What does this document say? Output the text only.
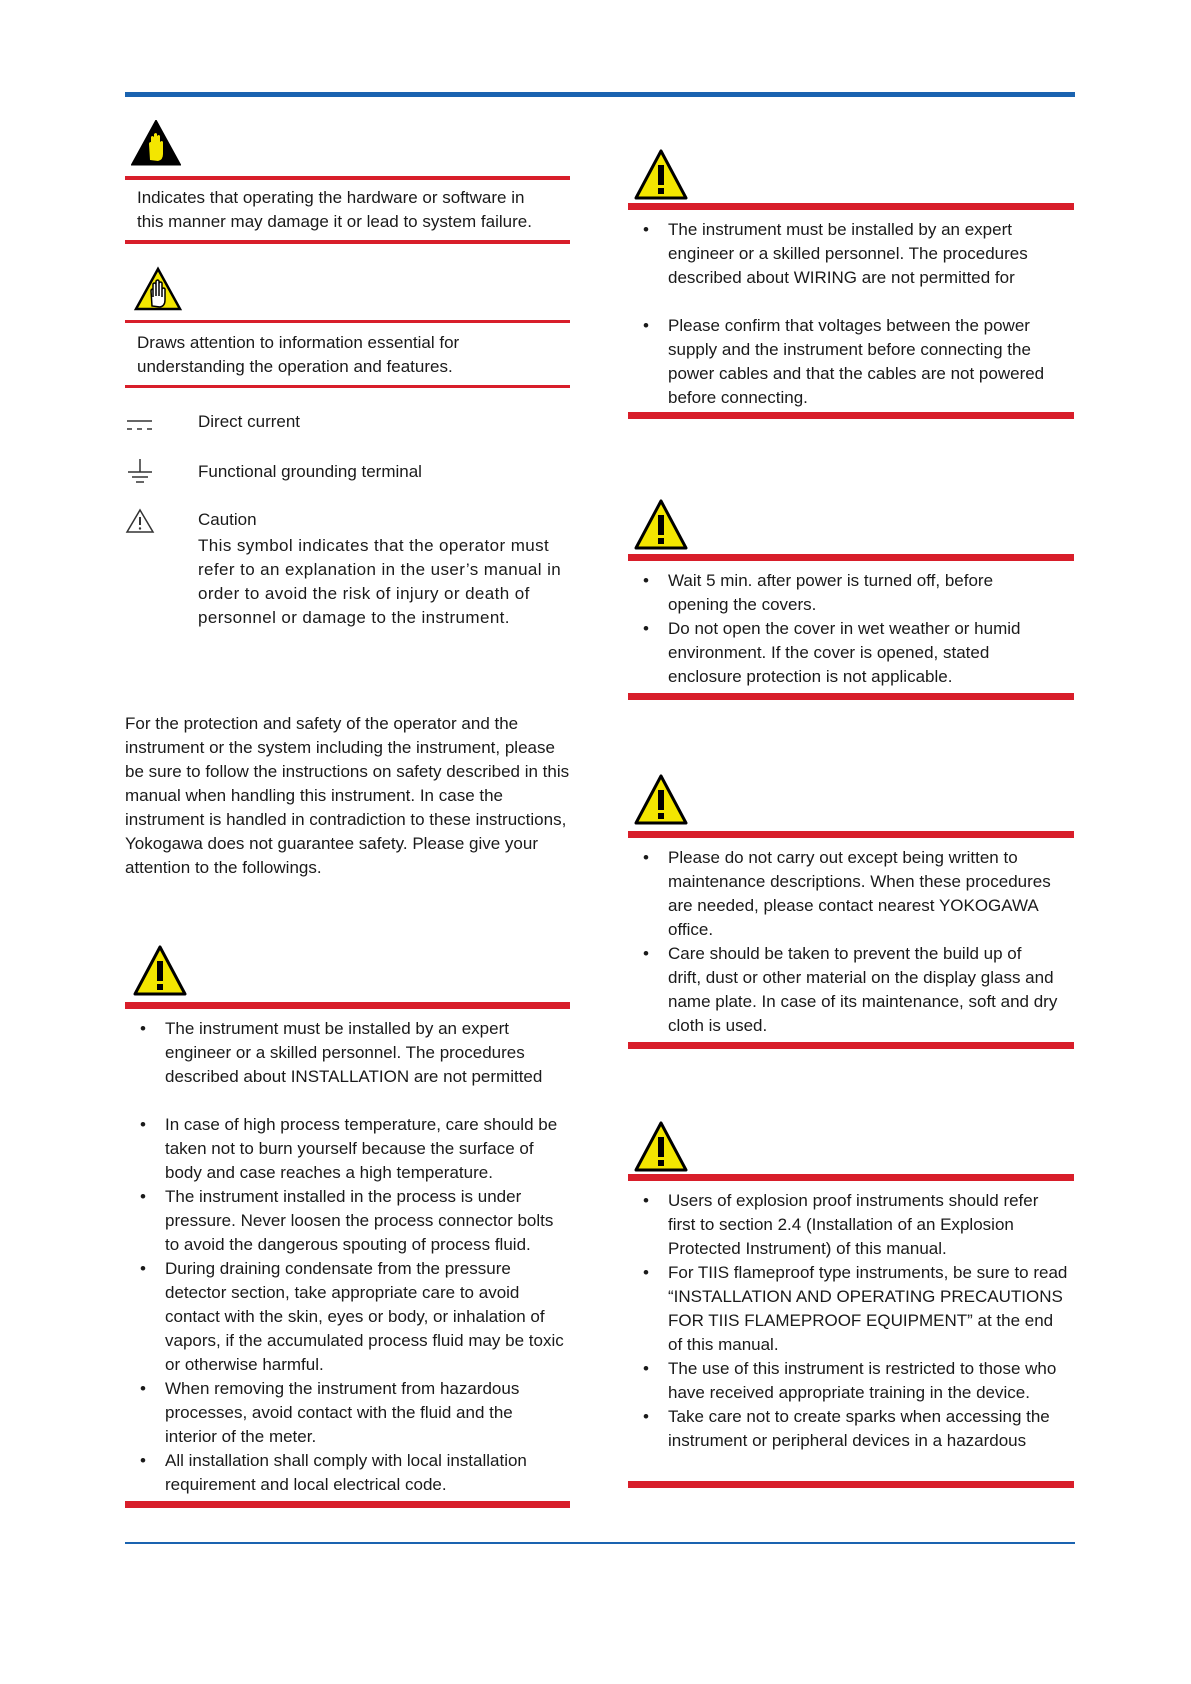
Indicates that operating the hardware or software in this manner may damage it or lead to system failure.
Draws attention to information essential for understanding the operation and features.
Direct current
Functional grounding terminal
Caution
This symbol indicates that the operator must refer to an explanation in the user’s manual in order to avoid the risk of injury or death of personnel or damage to the instrument.
For the protection and safety of the operator and the instrument or the system including the instrument, please be sure to follow the instructions on safety described in this manual when handling this instrument. In case the instrument is handled in contradiction to these instructions, Yokogawa does not guarantee safety. Please give your attention to the followings.
• The instrument must be installed by an expert engineer or a skilled personnel. The procedures described about INSTALLATION are not permitted
• In case of high process temperature, care should be taken not to burn yourself because the surface of body and case reaches a high temperature.
• The instrument installed in the process is under pressure. Never loosen the process connector bolts to avoid the dangerous spouting of process fluid.
• During draining condensate from the pressure detector section, take appropriate care to avoid contact with the skin, eyes or body, or inhalation of vapors, if the accumulated process fluid may be toxic or otherwise harmful.
• When removing the instrument from hazardous processes, avoid contact with the fluid and the interior of the meter.
• All installation shall comply with local installation requirement and local electrical code.
• The instrument must be installed by an expert engineer or a skilled personnel. The procedures described about WIRING are not permitted for
• Please confirm that voltages between the power supply and the instrument before connecting the power cables and that the cables are not powered before connecting.
• Wait 5 min. after power is turned off, before opening the covers.
• Do not open the cover in wet weather or humid environment. If the cover is opened, stated enclosure protection is not applicable.
• Please do not carry out except being written to maintenance descriptions. When these procedures are needed, please contact nearest YOKOGAWA office.
• Care should be taken to prevent the build up of drift, dust or other material on the display glass and name plate. In case of its maintenance, soft and dry cloth is used.
• Users of explosion proof instruments should refer first to section 2.4 (Installation of an Explosion Protected Instrument) of this manual.
• For TIIS flameproof type instruments, be sure to read “INSTALLATION AND OPERATING PRECAUTIONS FOR TIIS FLAMEPROOF EQUIPMENT” at the end of this manual.
• The use of this instrument is restricted to those who have received appropriate training in the device.
• Take care not to create sparks when accessing the instrument or peripheral devices in a hazardous
